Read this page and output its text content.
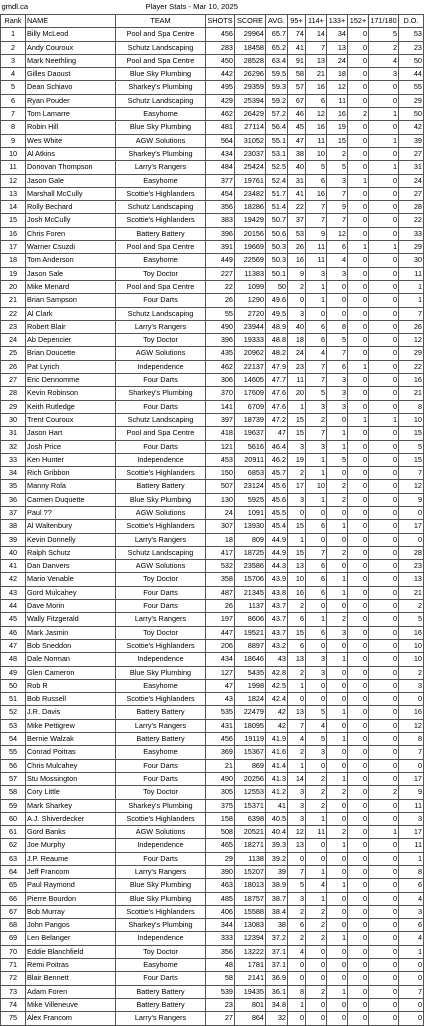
gmdl.ca		Player Stats - Mar 10, 2025									
Rank	NAME	TEAM	SHOTS	SCORE	AVG.	95+	114+	133+	152+	171/180	D.O.
1	Billy McLeod	Pool and Spa Centre	456	29964	65.7	74	14	34	0	5	53
2	Andy Couroux	Schutz Landscaping	283	18458	65.2	41	7	13	0	2	23
3	Mark Neethling	Pool and Spa Centre	450	28528	63.4	91	13	24	0	4	50
4	Gilles Daoust	Blue Sky Plumbing	442	26296	59.5	58	21	18	0	3	44
5	Dean Schiavo	Sharkey's Plumbing	495	29359	59.3	57	16	12	0	0	55
6	Ryan Pouder	Schutz Landscaping	429	25394	59.2	67	6	11	0	0	29
7	Tom Lamarre	Easyhome	462	26429	57.2	46	12	16	2	1	50
8	Robin Hill	Blue Sky Plumbing	481	27114	56.4	45	16	19	0	0	42
9	Wes White	AGW Solutions	564	31052	55.1	47	11	15	0	1	39
10	Al Atkins	Sharkey's Plumbing	434	23037	53.1	38	10	2	0	0	27
11	Donovan Thompson	Larry's Rangers	484	25424	52.5	40	5	5	0	1	31
12	Jason Gale	Easyhome	377	19761	52.4	31	6	3	1	0	24
13	Marshall McCully	Scottie's Highlanders	454	23482	51.7	41	16	7	0	0	27
14	Rolly Bechard	Schutz Landscaping	356	18286	51.4	22	7	9	0	0	28
15	Josh McCully	Scottie's Highlanders	383	19429	50.7	37	7	7	0	0	22
16	Chris Foren	Battery Battery	396	20156	50.6	53	9	12	0	0	33
17	Warner Csuzdi	Pool and Spa Centre	391	19669	50.3	26	11	6	1	1	29
18	Tom Anderson	Easyhome	449	22569	50.3	16	11	4	0	0	30
19	Jason Sale	Toy Doctor	227	11383	50.1	9	3	3	0	0	11
20	Mike Menard	Pool and Spa Centre	22	1099	50	2	1	0	0	0	1
21	Brian Sampson	Four Darts	26	1290	49.6	0	1	0	0	0	1
22	Al Clark	Schutz Landscaping	55	2720	49.5	3	0	0	0	0	7
23	Robert Blair	Larry's Rangers	490	23944	48.9	40	6	8	0	0	26
24	Ab Depencier	Toy Doctor	396	19333	48.8	18	6	5	0	0	12
25	Brian Doucette	AGW Solutions	435	20962	48.2	24	4	7	0	0	29
26	Pat Lynch	Independence	462	22137	47.9	23	7	6	1	0	22
27	Eric Dennomme	Four Darts	306	14605	47.7	11	7	3	0	0	16
28	Kevin Robinson	Sharkey's Plumbing	370	17609	47.6	20	5	3	0	0	21
29	Keith Rutledge	Four Darts	141	6709	47.6	1	3	3	0	0	8
30	Trent Couroux	Schutz Landscaping	397	18739	47.2	15	2	0	1	1	10
31	Jason Hart	Pool and Spa Centre	418	19637	47	15	7	1	0	0	15
32	Josh Price	Four Darts	121	5616	46.4	3	3	1	0	0	5
33	Ken Hunter	Independence	453	20911	46.2	19	1	5	0	0	15
34	Rich Gribbon	Scottie's Highlanders	150	6853	45.7	2	1	0	0	0	7
35	Manny Rola	Battery Battery	507	23124	45.6	17	10	2	0	0	12
36	Carmen Duquette	Blue Sky Plumbing	130	5925	45.6	3	1	2	0	0	9
37	Paul ??	AGW Solutions	24	1091	45.5	0	0	0	0	0	0
38	Al Waltenbury	Scottie's Highlanders	307	13930	45.4	15	6	1	0	0	17
39	Kevin Donnelly	Larry's Rangers	18	809	44.9	1	0	0	0	0	0
40	Ralph Schutz	Schutz Landscaping	417	18725	44.9	15	7	2	0	0	28
41	Dan Danvers	AGW Solutions	532	23586	44.3	13	6	0	0	0	23
42	Mario Venable	Toy Doctor	358	15706	43.9	10	6	1	0	0	13
43	Gord Mulcahey	Four Darts	487	21345	43.8	16	6	1	0	0	21
44	Dave Morin	Four Darts	26	1137	43.7	2	0	0	0	0	2
45	Wally Fitzgerald	Larry's Rangers	197	8606	43.7	6	1	2	0	0	5
46	Mark Jasmin	Toy Doctor	447	19521	43.7	15	6	3	0	0	16
47	Bob Sneddon	Scottie's Highlanders	206	8897	43.2	6	0	0	0	0	10
48	Dale Norman	Independence	434	18646	43	13	3	1	0	0	10
49	Glen Cameron	Blue Sky Plumbing	127	5435	42.8	2	3	0	0	0	2
50	Rob R	Easyhome	47	1998	42.5	1	0	0	0	0	3
51	Bob Russell	Scottie's Highlanders	43	1824	42.4	0	0	0	0	0	0
52	J.R. Davis	Battery Battery	535	22479	42	13	5	1	0	0	16
53	Mike Pettigrew	Larry's Rangers	431	18095	42	7	4	0	0	0	12
54	Bernie Walzak	Battery Battery	456	19119	41.9	4	5	1	0	0	8
55	Conrad Poitras	Easyhome	369	15367	41.6	2	3	0	0	0	7
56	Chris Mulcahey	Four Darts	21	869	41.4	1	0	0	0	0	0
57	Stu Mossington	Four Darts	490	20256	41.3	14	2	1	0	0	17
58	Cory Little	Toy Doctor	305	12553	41.2	3	2	2	0	2	9
59	Mark Sharkey	Sharkey's Plumbing	375	15371	41	3	2	0	0	0	11
60	A.J. Shiverdecker	Scottie's Highlanders	158	6398	40.5	3	1	0	0	0	3
61	Gord Banks	AGW Solutions	508	20521	40.4	12	11	2	0	1	17
62	Joe Murphy	Independence	465	18271	39.3	13	0	1	0	0	11
63	J.P. Reaume	Four Darts	29	1138	39.2	0	0	0	0	0	1
64	Jeff Francom	Larry's Rangers	390	15207	39	7	1	0	0	0	8
65	Paul Raymond	Blue Sky Plumbing	463	18013	38.9	5	4	1	0	0	6
66	Pierre Bourdon	Blue Sky Plumbing	485	18757	38.7	3	1	0	0	0	4
67	Bob Murray	Scottie's Highlanders	406	15588	38.4	2	2	0	0	0	3
68	John Pangos	Sharkey's Plumbing	344	13083	38	6	2	0	0	0	6
69	Len Belanger	Independence	333	12394	37.2	2	2	1	0	0	4
70	Eddie Blanchfield	Toy Doctor	356	13222	37.1	4	0	0	0	0	1
71	Remi Poitras	Easyhome	48	1781	37.1	0	0	0	0	0	0
72	Blair Bennett	Four Darts	58	2141	36.9	0	0	0	0	0	0
73	Adam Foren	Battery Battery	539	19435	36.1	8	2	1	0	0	7
74	Mike Villeneuve	Battery Battery	23	801	34.8	1	0	0	0	0	0
75	Alex Francom	Larry's Rangers	27	864	32	0	0	0	0	0	0
